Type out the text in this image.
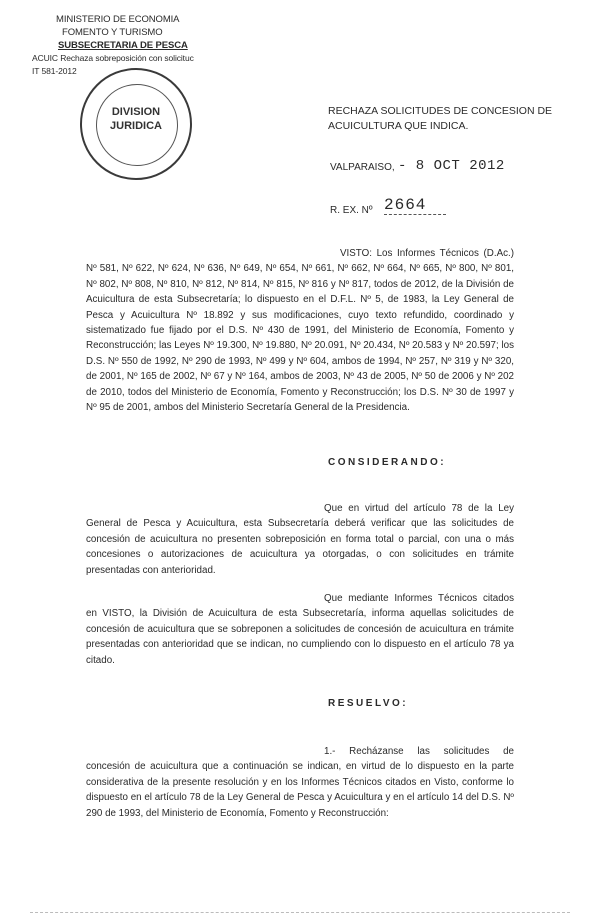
MINISTERIO DE ECONOMIA
FOMENTO Y TURISMO
SUBSECRETARIA DE PESCA
ACUIC Rechaza sobreposición con solicituc
IT 581-2012
DIVISION
JURIDICA
RECHAZA SOLICITUDES DE CONCESION DE
ACUICULTURA QUE INDICA.
VALPARAISO, - 8 OCT 2012
R. EX. Nº 2664
VISTO: Los Informes Técnicos (D.Ac.) Nº 581, Nº 622, Nº 624, Nº 636, Nº 649, Nº 654, Nº 661, Nº 662, Nº 664, Nº 665, Nº 800, Nº 801, Nº 802, Nº 808, Nº 810, Nº 812, Nº 814, Nº 815, Nº 816 y Nº 817, todos de 2012, de la División de Acuicultura de esta Subsecretaría; lo dispuesto en el D.F.L. Nº 5, de 1983, la Ley General de Pesca y Acuicultura Nº 18.892 y sus modificaciones, cuyo texto refundido, coordinado y sistematizado fue fijado por el D.S. Nº 430 de 1991, del Ministerio de Economía, Fomento y Reconstrucción; las Leyes Nº 19.300, Nº 19.880, Nº 20.091, Nº 20.434, Nº 20.583 y Nº 20.597; los D.S. Nº 550 de 1992, Nº 290 de 1993, Nº 499 y Nº 604, ambos de 1994, Nº 257, Nº 319 y Nº 320, de 2001, Nº 165 de 2002, Nº 67 y Nº 164, ambos de 2003, Nº 43 de 2005, Nº 50 de 2006 y Nº 202 de 2010, todos del Ministerio de Economía, Fomento y Reconstrucción; los D.S. Nº 30 de 1997 y Nº 95 de 2001, ambos del Ministerio Secretaría General de la Presidencia.
CONSIDERANDO:
Que en virtud del artículo 78 de la Ley General de Pesca y Acuicultura, esta Subsecretaría deberá verificar que las solicitudes de concesión de acuicultura no presenten sobreposición en forma total o parcial, con una o más concesiones o autorizaciones de acuicultura ya otorgadas, o con solicitudes en trámite presentadas con anterioridad.
Que mediante Informes Técnicos citados en VISTO, la División de Acuicultura de esta Subsecretaría, informa aquellas solicitudes de concesión de acuicultura que se sobreponen a solicitudes de concesión de acuicultura en trámite presentadas con anterioridad que se indican, no cumpliendo con lo dispuesto en el artículo 78 ya citado.
RESUELVO:
1.- Recházanse las solicitudes de concesión de acuicultura que a continuación se indican, en virtud de lo dispuesto en la parte considerativa de la presente resolución y en los Informes Técnicos citados en Visto, conforme lo dispuesto en el artículo 78 de la Ley General de Pesca y Acuicultura y en el artículo 14 del D.S. Nº 290 de 1993, del Ministerio de Economía, Fomento y Reconstrucción:
